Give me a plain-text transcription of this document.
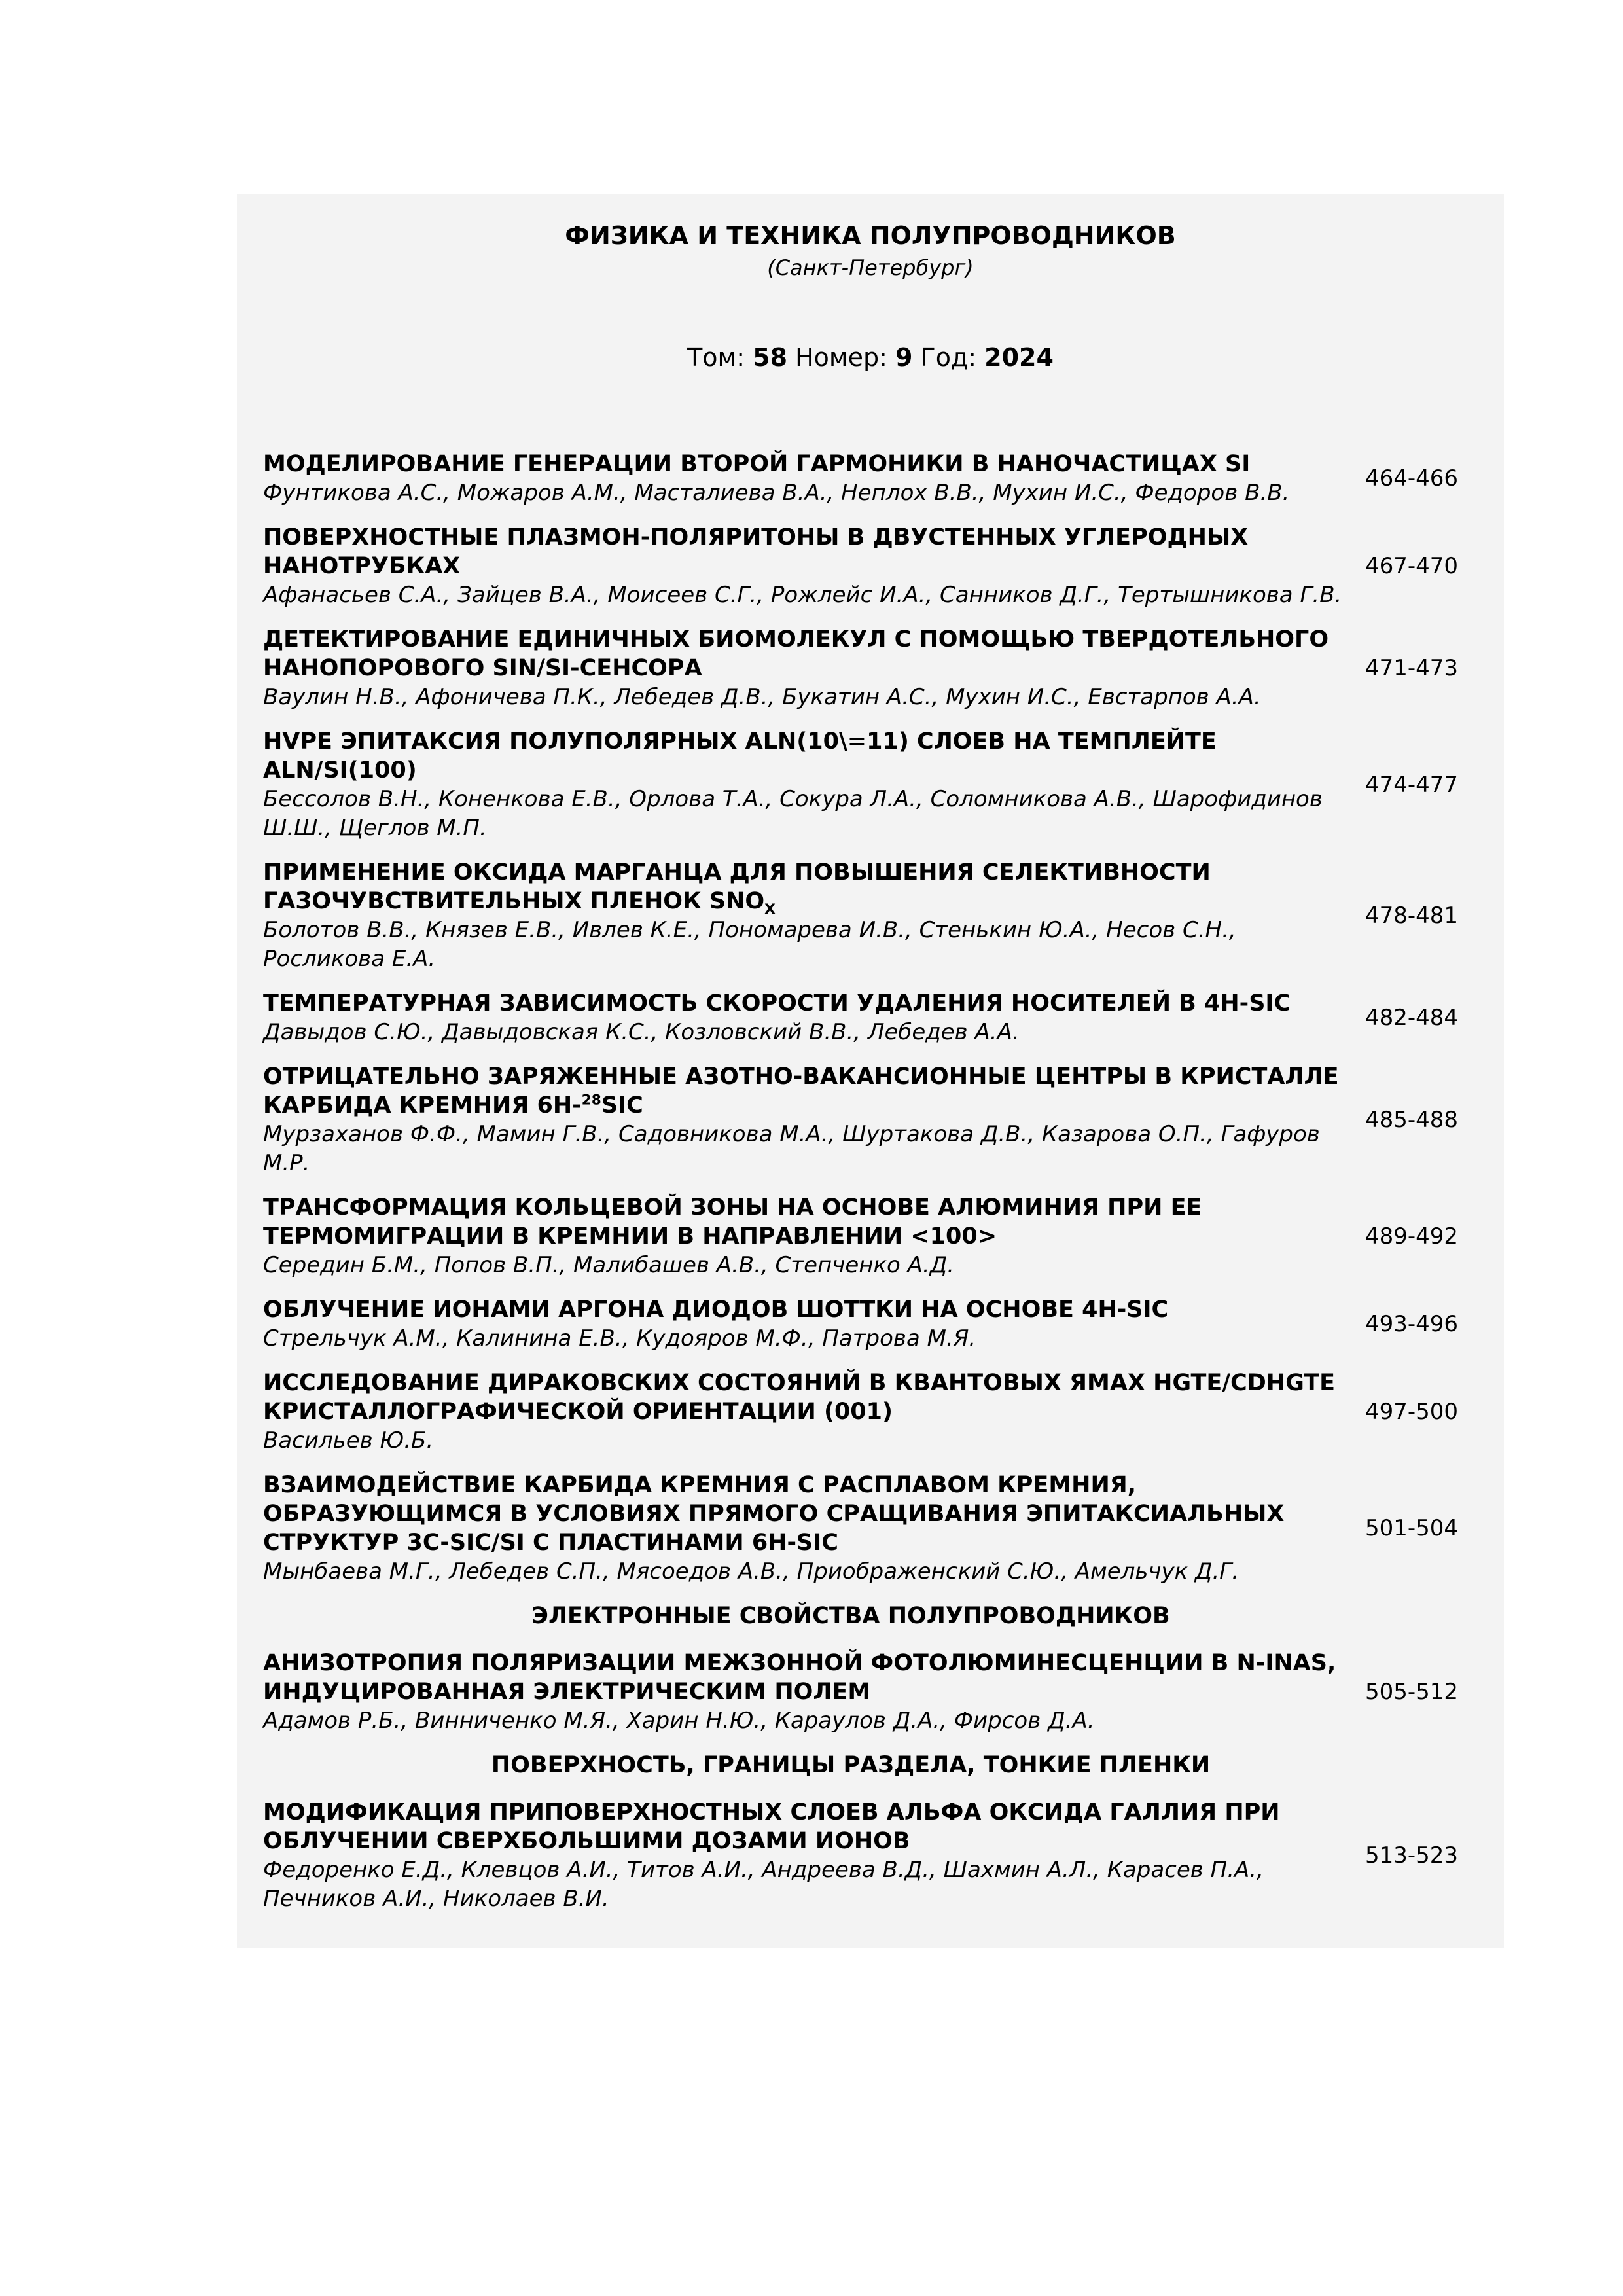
ФИЗИКА И ТЕХНИКА ПОЛУПРОВОДНИКОВ
(Санкт-Петербург)
Том: 58 Номер: 9 Год: 2024
МОДЕЛИРОВАНИЕ ГЕНЕРАЦИИ ВТОРОЙ ГАРМОНИКИ В НАНОЧАСТИЦАХ SI
Фунтикова А.С., Можаров А.М., Масталиева В.А., Неплох В.В., Мухин И.С., Федоров В.В.
464-466
ПОВЕРХНОСТНЫЕ ПЛАЗМОН-ПОЛЯРИТОНЫ В ДВУСТЕННЫХ УГЛЕРОДНЫХ НАНОТРУБКАХ
Афанасьев С.А., Зайцев В.А., Моисеев С.Г., Рожлейс И.А., Санников Д.Г., Тертышникова Г.В.
467-470
ДЕТЕКТИРОВАНИЕ ЕДИНИЧНЫХ БИОМОЛЕКУЛ С ПОМОЩЬЮ ТВЕРДОТЕЛЬНОГО НАНОПОРОВОГО SIN/SI-СЕНСОРА
Ваулин Н.В., Афоничева П.К., Лебедев Д.В., Букатин А.С., Мухин И.С., Евстарпов А.А.
471-473
HVPE ЭПИТАКСИЯ ПОЛУПОЛЯРНЫХ ALN(10\=11) СЛОЕВ НА ТЕМПЛЕЙТЕ ALN/SI(100)
Бессолов В.Н., Коненкова Е.В., Орлова Т.А., Сокура Л.А., Соломникова А.В., Шарофидинов Ш.Ш., Щеглов М.П.
474-477
ПРИМЕНЕНИЕ ОКСИДА МАРГАНЦА ДЛЯ ПОВЫШЕНИЯ СЕЛЕКТИВНОСТИ ГАЗОЧУВСТВИТЕЛЬНЫХ ПЛЕНОК $SNO_X$
Болотов В.В., Князев Е.В., Ивлев К.Е., Пономарева И.В., Стенькин Ю.А., Несов С.Н., Росликова Е.А.
478-481
ТЕМПЕРАТУРНАЯ ЗАВИСИМОСТЬ СКОРОСТИ УДАЛЕНИЯ НОСИТЕЛЕЙ В 4H-SIC
Давыдов С.Ю., Давыдовская К.С., Козловский В.В., Лебедев А.А.
482-484
ОТРИЦАТЕЛЬНО ЗАРЯЖЕННЫЕ АЗОТНО-ВАКАНСИОННЫЕ ЦЕНТРЫ В КРИСТАЛЛЕ КАРБИДА КРЕМНИЯ 6H-$^{28}$SIC
Мурзаханов Ф.Ф., Мамин Г.В., Садовникова М.А., Шуртакова Д.В., Казарова О.П., Гафуров М.Р.
485-488
ТРАНСФОРМАЦИЯ КОЛЬЦЕВОЙ ЗОНЫ НА ОСНОВЕ АЛЮМИНИЯ ПРИ ЕЕ ТЕРМОМИГРАЦИИ В КРЕМНИИ В НАПРАВЛЕНИИ <100>
Середин Б.М., Попов В.П., Малибашев А.В., Степченко А.Д.
489-492
ОБЛУЧЕНИЕ ИОНАМИ АРГОНА ДИОДОВ ШОТТКИ НА ОСНОВЕ 4H-SIC
Стрельчук А.М., Калинина Е.В., Кудояров М.Ф., Патрова М.Я.
493-496
ИССЛЕДОВАНИЕ ДИРАКОВСКИХ СОСТОЯНИЙ В КВАНТОВЫХ ЯМАХ HGTE/CDHGTE КРИСТАЛЛОГРАФИЧЕСКОЙ ОРИЕНТАЦИИ (001)
Васильев Ю.Б.
497-500
ВЗАИМОДЕЙСТВИЕ КАРБИДА КРЕМНИЯ С РАСПЛАВОМ КРЕМНИЯ, ОБРАЗУЮЩИМСЯ В УСЛОВИЯХ ПРЯМОГО СРАЩИВАНИЯ ЭПИТАКСИАЛЬНЫХ СТРУКТУР 3C-SIC/SI С ПЛАСТИНАМИ 6H-SIC
Мынбаева М.Г., Лебедев С.П., Мясоедов А.В., Приображенский С.Ю., Амельчук Д.Г.
501-504
ЭЛЕКТРОННЫЕ СВОЙСТВА ПОЛУПРОВОДНИКОВ
АНИЗОТРОПИЯ ПОЛЯРИЗАЦИИ МЕЖЗОННОЙ ФОТОЛЮМИНЕСЦЕНЦИИ В N-INAS, ИНДУЦИРОВАННАЯ ЭЛЕКТРИЧЕСКИМ ПОЛЕМ
Адамов Р.Б., Винниченко М.Я., Харин Н.Ю., Караулов Д.А., Фирсов Д.А.
505-512
ПОВЕРХНОСТЬ, ГРАНИЦЫ РАЗДЕЛА, ТОНКИЕ ПЛЕНКИ
МОДИФИКАЦИЯ ПРИПОВЕРХНОСТНЫХ СЛОЕВ АЛЬФА ОКСИДА ГАЛЛИЯ ПРИ ОБЛУЧЕНИИ СВЕРХБОЛЬШИМИ ДОЗАМИ ИОНОВ
Федоренко Е.Д., Клевцов А.И., Титов А.И., Андреева В.Д., Шахмин А.Л., Карасев П.А., Печников А.И., Николаев В.И.
513-523
